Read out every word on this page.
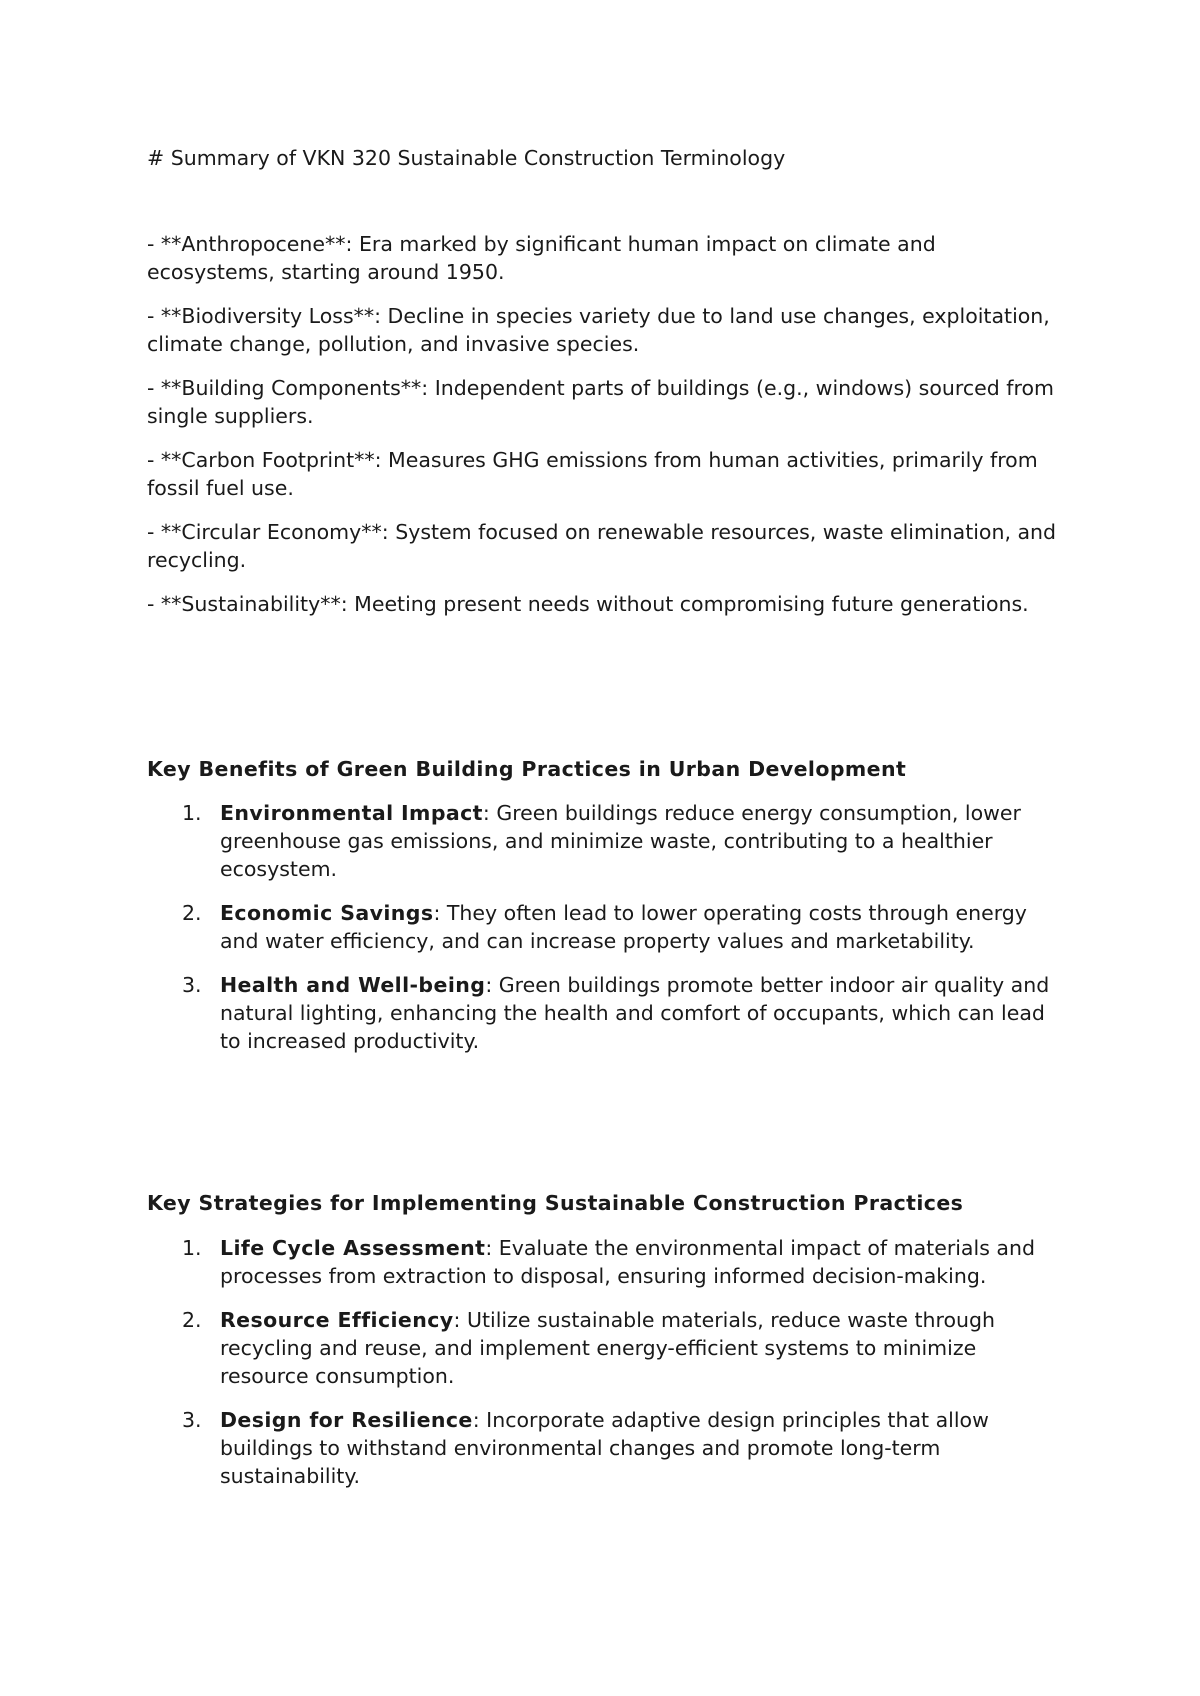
# Summary of VKN 320 Sustainable Construction Terminology

- **Anthropocene**: Era marked by significant human impact on climate and ecosystems, starting around 1950.

- **Biodiversity Loss**: Decline in species variety due to land use changes, exploitation, climate change, pollution, and invasive species.

- **Building Components**: Independent parts of buildings (e.g., windows) sourced from single suppliers.

- **Carbon Footprint**: Measures GHG emissions from human activities, primarily from fossil fuel use.

- **Circular Economy**: System focused on renewable resources, waste elimination, and recycling.

- **Sustainability**: Meeting present needs without compromising future generations.

Key Benefits of Green Building Practices in Urban Development
1. Environmental Impact: Green buildings reduce energy consumption, lower greenhouse gas emissions, and minimize waste, contributing to a healthier ecosystem.
2. Economic Savings: They often lead to lower operating costs through energy and water efficiency, and can increase property values and marketability.
3. Health and Well-being: Green buildings promote better indoor air quality and natural lighting, enhancing the health and comfort of occupants, which can lead to increased productivity.
Key Strategies for Implementing Sustainable Construction Practices
1. Life Cycle Assessment: Evaluate the environmental impact of materials and processes from extraction to disposal, ensuring informed decision-making.
2. Resource Efficiency: Utilize sustainable materials, reduce waste through recycling and reuse, and implement energy-efficient systems to minimize resource consumption.
3. Design for Resilience: Incorporate adaptive design principles that allow buildings to withstand environmental changes and promote long-term sustainability.
